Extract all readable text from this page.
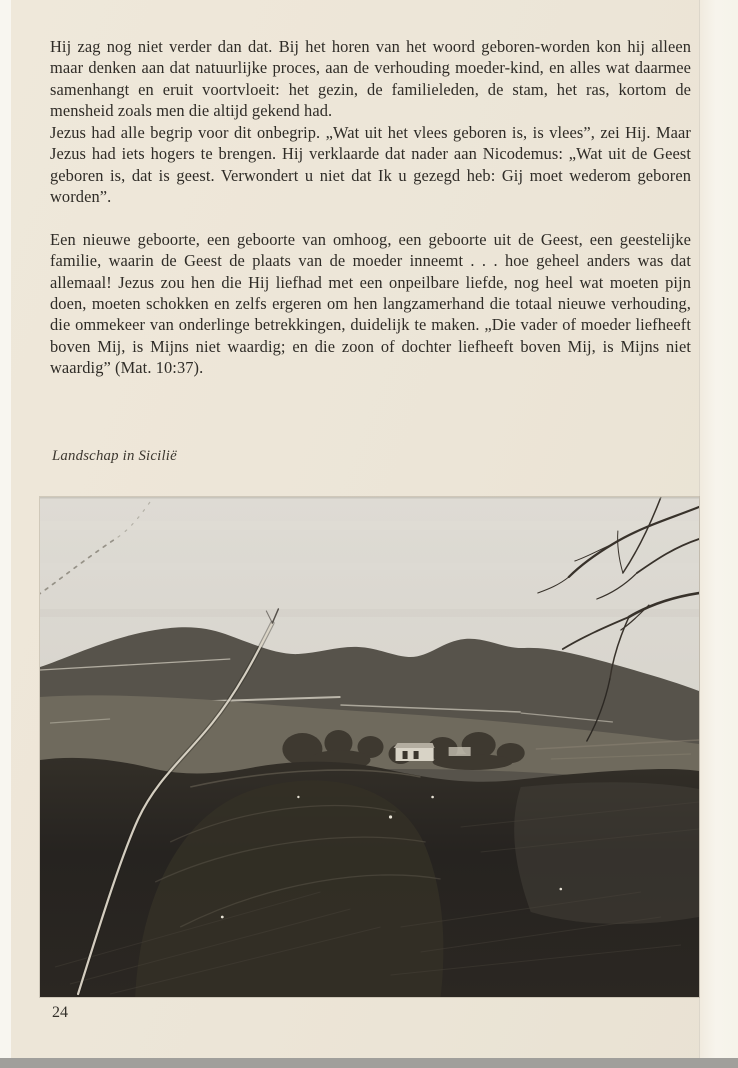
Hij zag nog niet verder dan dat. Bij het horen van het woord geboren-worden kon hij alleen maar denken aan dat natuurlijke proces, aan de verhouding moeder-kind, en alles wat daarmee samenhangt en eruit voortvloeit: het gezin, de familieleden, de stam, het ras, kortom de mensheid zoals men die altijd gekend had.

Jezus had alle begrip voor dit onbegrip. „Wat uit het vlees geboren is, is vlees”, zei Hij. Maar Jezus had iets hogers te brengen. Hij verklaarde dat nader aan Nicodemus: „Wat uit de Geest geboren is, dat is geest. Verwondert u niet dat Ik u gezegd heb: Gij moet wederom geboren worden”.

Een nieuwe geboorte, een geboorte van omhoog, een geboorte uit de Geest, een geestelijke familie, waarin de Geest de plaats van de moeder inneemt . . . hoe geheel anders was dat allemaal! Jezus zou hen die Hij liefhad met een onpeilbare liefde, nog heel wat moeten pijn doen, moeten schokken en zelfs ergeren om hen langzamerhand die totaal nieuwe verhouding, die ommekeer van onderlinge betrekkingen, duidelijk te maken. „Die vader of moeder liefheeft boven Mij, is Mijns niet waardig; en die zoon of dochter liefheeft boven Mij, is Mijns niet waardig” (Mat. 10:37).

Landschap in Sicilië
24
